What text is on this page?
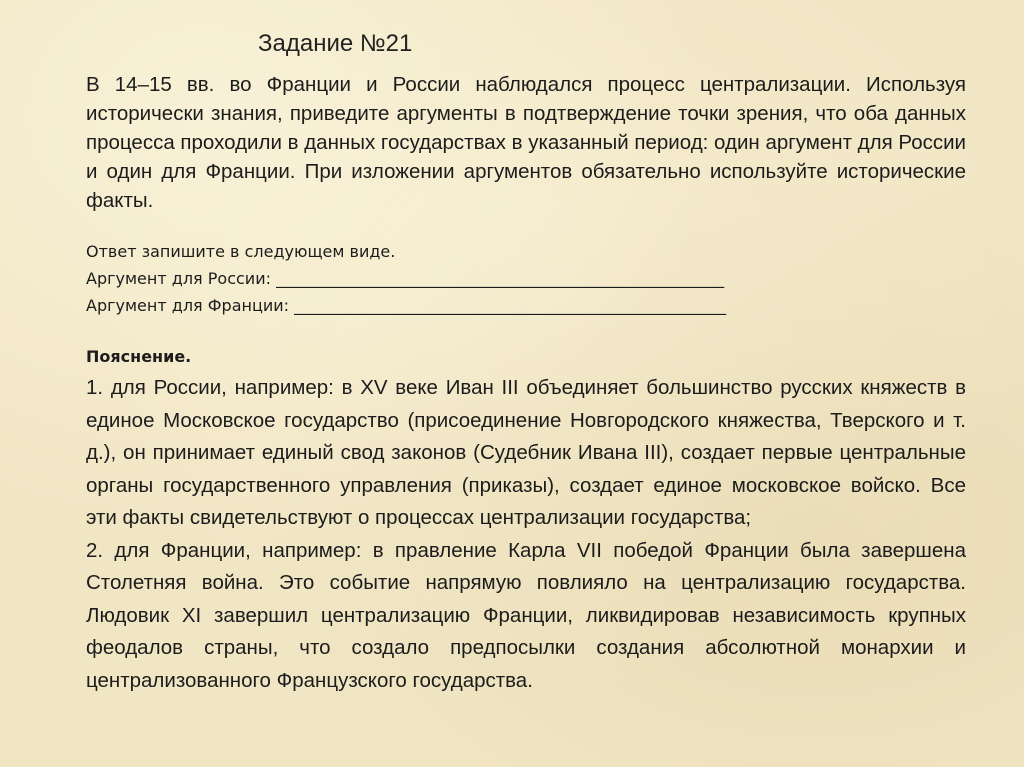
Задание №21

В 14–15 вв. во Франции и России наблюдался процесс централизации. Используя исторически знания, приведите аргументы в подтверждение точки зрения, что оба данных процесса проходили в данных государствах в указанный период: один аргумент для России и один для Франции. При изложении аргументов обязательно используйте исторические факты.

Ответ запишите в следующем виде.
Аргумент для России: ________________________________________________________
Аргумент для Франции: ______________________________________________________
Пояснение.

1. для России, например: в XV веке Иван III объединяет большинство русских княжеств в единое Московское государство (присоединение Новгородского княжества, Тверского и т. д.), он принимает единый свод законов (Судебник Ивана III), создает первые центральные органы государственного управления (приказы), создает единое московское войско. Все эти факты свидетельствуют о процессах централизации государства;

2. для Франции, например: в правление Карла VII победой Франции была завершена Столетняя война. Это событие напрямую повлияло на централизацию государства. Людовик XI завершил централизацию Франции, ликвидировав независимость крупных феодалов страны, что создало предпосылки создания абсолютной монархии и централизованного Французского государства.
